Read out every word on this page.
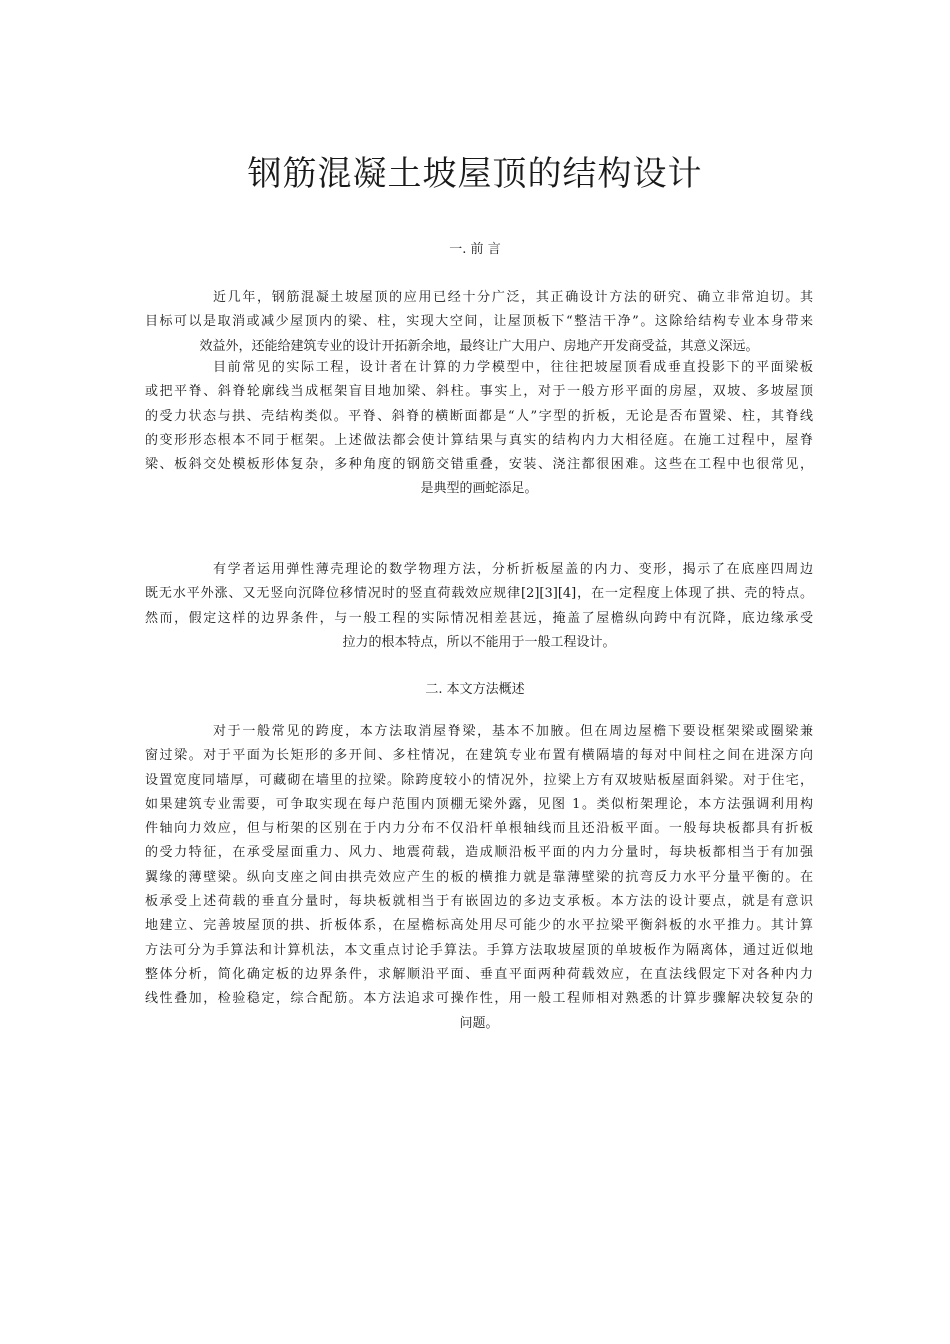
钢筋混凝土坡屋顶的结构设计
一. 前 言
近几年，钢筋混凝土坡屋顶的应用已经十分广泛，其正确设计方法的研究、确立非常迫切。其
目标可以是取消或减少屋顶内的梁、柱，实现大空间，让屋顶板下“整洁干净”。这除给结构专业本身带来
效益外，还能给建筑专业的设计开拓新余地，最终让广大用户、房地产开发商受益，其意义深远。
目前常见的实际工程，设计者在计算的力学模型中，往往把坡屋顶看成垂直投影下的平面梁板
或把平脊、斜脊轮廓线当成框架盲目地加梁、斜柱。事实上，对于一般方形平面的房屋，双坡、多坡屋顶
的受力状态与拱、壳结构类似。平脊、斜脊的横断面都是“人”字型的折板，无论是否布置梁、柱，其脊线
的变形形态根本不同于框架。上述做法都会使计算结果与真实的结构内力大相径庭。在施工过程中，屋脊
梁、板斜交处模板形体复杂，多种角度的钢筋交错重叠，安装、浇注都很困难。这些在工程中也很常见，
是典型的画蛇添足。
有学者运用弹性薄壳理论的数学物理方法，分析折板屋盖的内力、变形，揭示了在底座四周边
既无水平外涨、又无竖向沉降位移情况时的竖直荷载效应规律[2][3][4]，在一定程度上体现了拱、壳的特点。
然而，假定这样的边界条件，与一般工程的实际情况相差甚远，掩盖了屋檐纵向跨中有沉降，底边缘承受
拉力的根本特点，所以不能用于一般工程设计。
二. 本文方法概述
对于一般常见的跨度，本方法取消屋脊梁，基本不加腋。但在周边屋檐下要设框架梁或圈梁兼
窗过梁。对于平面为长矩形的多开间、多柱情况，在建筑专业布置有横隔墙的每对中间柱之间在进深方向
设置宽度同墙厚，可藏砌在墙里的拉梁。除跨度较小的情况外，拉梁上方有双坡贴板屋面斜梁。对于住宅，
如果建筑专业需要，可争取实现在每户范围内顶棚无梁外露，见图 1。类似桁架理论，本方法强调利用构
件轴向力效应，但与桁架的区别在于内力分布不仅沿杆单根轴线而且还沿板平面。一般每块板都具有折板
的受力特征，在承受屋面重力、风力、地震荷载，造成顺沿板平面的内力分量时，每块板都相当于有加强
翼缘的薄壁梁。纵向支座之间由拱壳效应产生的板的横推力就是靠薄壁梁的抗弯反力水平分量平衡的。在
板承受上述荷载的垂直分量时，每块板就相当于有嵌固边的多边支承板。本方法的设计要点，就是有意识
地建立、完善坡屋顶的拱、折板体系，在屋檐标高处用尽可能少的水平拉梁平衡斜板的水平推力。其计算
方法可分为手算法和计算机法，本文重点讨论手算法。手算方法取坡屋顶的单坡板作为隔离体，通过近似地
整体分析，简化确定板的边界条件，求解顺沿平面、垂直平面两种荷载效应，在直法线假定下对各种内力
线性叠加，检验稳定，综合配筋。本方法追求可操作性，用一般工程师相对熟悉的计算步骤解决较复杂的
问题。
